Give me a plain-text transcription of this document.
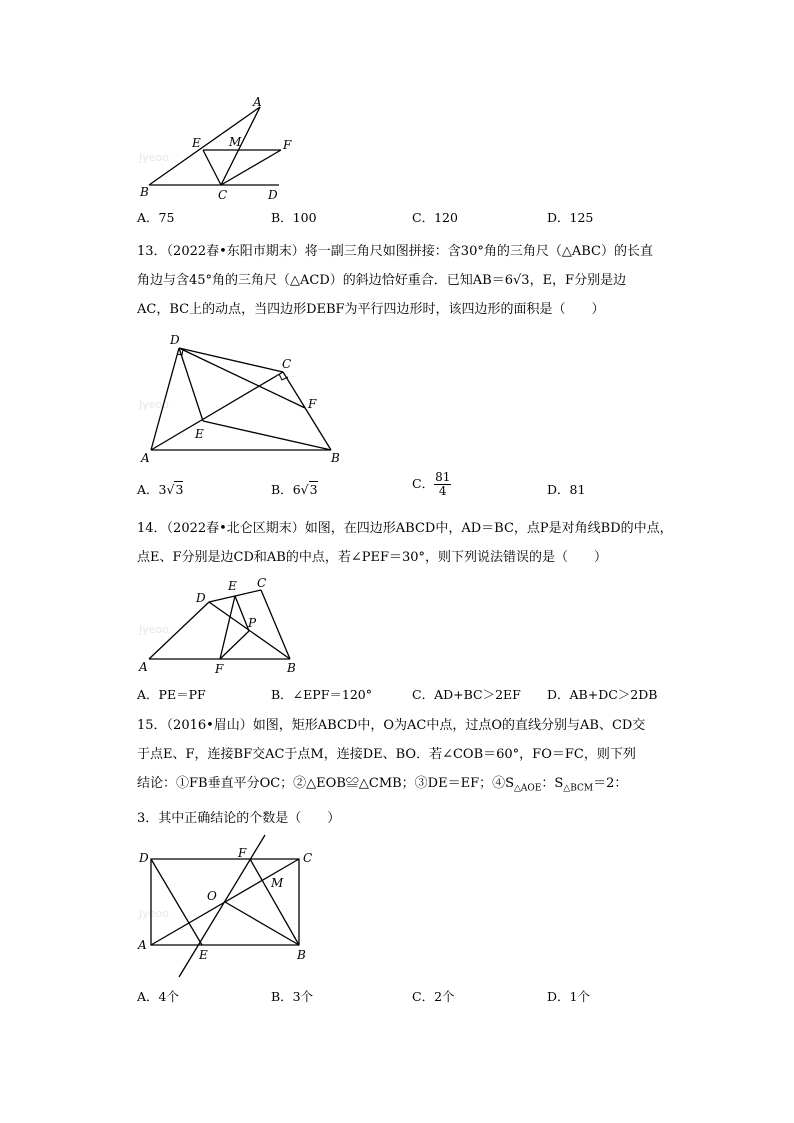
Jyeoo
A
B	C	D
E	F
M
A．75	B．100	C．120	D．125
13．（2022春•东阳市期末）将一副三角尺如图拼接：含30°角的三角尺（△ABC）的长直
角边与含45°角的三角尺（△ACD）的斜边恰好重合．已知AB＝6√3，E，F分别是边
AC，BC上的动点，当四边形DEBF为平行四边形时，该四边形的面积是（　　）
Jyeoo
D
C
F
E
A	B
A．3√3	B．6√3	C． $\frac{81}{4}$	D．81
14．（2022春•北仑区期末）如图，在四边形ABCD中，AD＝BC，点P是对角线BD的中点，
点E、F分别是边CD和AB的中点，若∠PEF＝30°，则下列说法错误的是（　　）
Jyeoo
E C
D
P
A	F	B
A．PE＝PF	B．∠EPF＝120°	C．AD+BC＞2EF D．AB+DC＞2DB
15．（2016•眉山）如图，矩形ABCD中，O为AC中点，过点O的直线分别与AB、CD交
于点E、F，连接BF交AC于点M，连接DE、BO．若∠COB＝60°，FO＝FC，则下列
结论：①FB垂直平分OC；②△EOB≌△CMB；③DE＝EF；$④S_{\triangle AOE}$：$S_{\triangle BCM}=2$：
3．其中正确结论的个数是（　　）
Jyeoo
D	F	C
M
O
A
E	B
A．4个	B．3个	C．2个	D．1个
